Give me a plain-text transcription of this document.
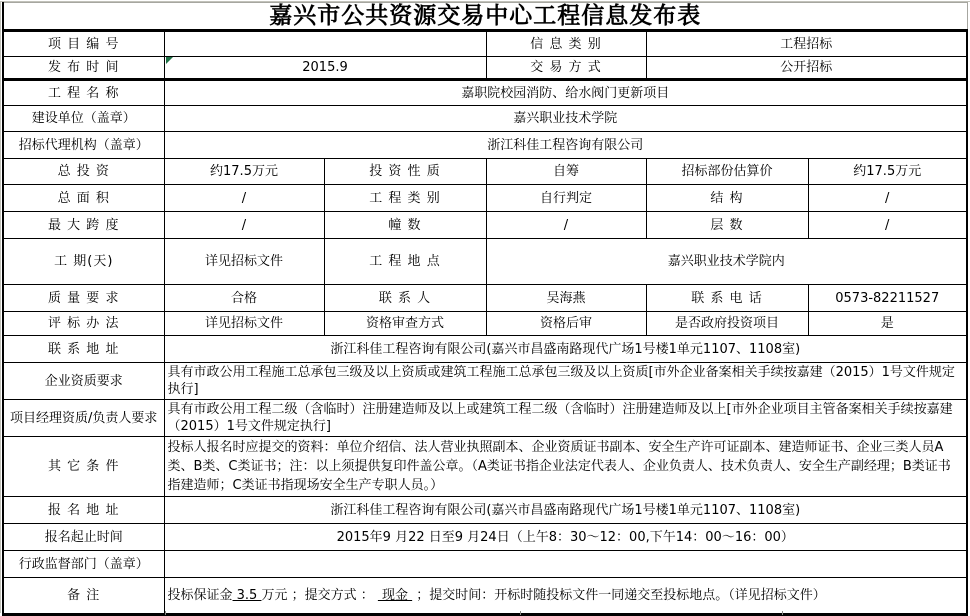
嘉兴市公共资源交易中心工程信息发布表					
项 目 编 号			信 息 类 别	工程招标	
发 布 时 间	2015.9		交 易 方 式	公开招标	
工 程 名 称	嘉职院校园消防、给水阀门更新项目				
建设单位（盖章）	嘉兴职业技术学院				
招标代理机构（盖章）	浙江科佳工程咨询有限公司				
总 投 资	约17.5万元	投 资 性 质	自筹	招标部份估算价	约17.5万元
总 面 积	/	工 程 类 别	自行判定	结 构	/
最 大 跨 度	/	幢 数	/	层 数	/
工 期(天)	详见招标文件	工 程 地 点	嘉兴职业技术学院内		
质 量 要 求	合格	联 系 人	吴海燕	联 系 电 话	0573-82211527
评 标 办 法	详见招标文件	资格审查方式	资格后审	是否政府投资项目	是
联 系 地 址	浙江科佳工程咨询有限公司(嘉兴市昌盛南路现代广场1号楼1单元1107、1108室)				
企业资质要求	具有市政公用工程施工总承包三级及以上资质或建筑工程施工总承包三级及以上资质[市外企业备案相关手续按嘉建（2015）1号文件规定执行]				
项目经理资质/负责人要求	具有市政公用工程二级（含临时）注册建造师及以上或建筑工程二级（含临时）注册建造师及以上[市外企业项目主管备案相关手续按嘉建（2015）1号文件规定执行]				
其 它 条 件	投标人报名时应提交的资料：单位介绍信、法人营业执照副本、企业资质证书副本、安全生产许可证副本、建造师证书、企业三类人员A类、B类、C类证书；注：以上须提供复印件盖公章。（A类证书指企业法定代表人、企业负责人、技术负责人、安全生产副经理；B类证书指建造师；C类证书指现场安全生产专职人员。）				
报 名 地 址	浙江科佳工程咨询有限公司(嘉兴市昌盛南路现代广场1号楼1单元1107、1108室)				
报名起止时间	2015年9 月22 日至9 月24日（上午8：30～12：00,下午14：00～16：00）				
行政监督部门（盖章）					
备 注	投标保证金 3.5 万元 ；提交方式 ：  现金  ；提交时间：开标时随投标文件一同递交至投标地点。（详见招标文件）				
